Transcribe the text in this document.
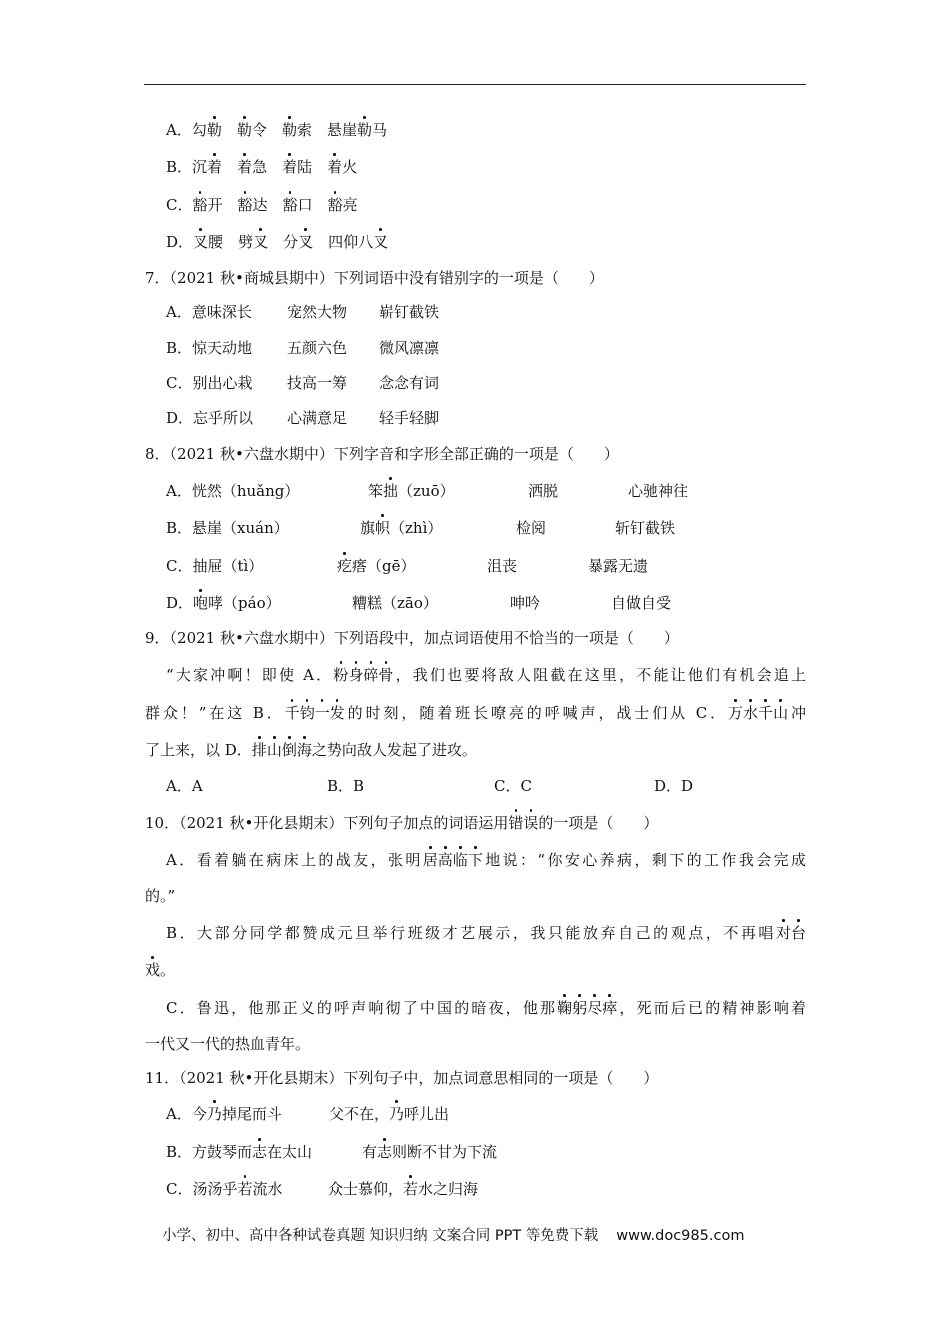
A．勾勒　 勒令　 勒索　 悬崖勒马
B．沉着　 着急　 着陆　 着火
C．豁开　 豁达　 豁口　 豁亮
D．叉腰　 劈叉　 分叉　 四仰八叉
7．（2021 秋•商城县期中）下列词语中没有错别字的一项是（　　）
A．意味深长 宠然大物 崭钉截铁
B．惊天动地 五颜六色 微风凛凛
C．别出心栽 技高一筹 念念有词
D．忘乎所以 心满意足 轻手轻脚
8．（2021 秋•六盘水期中）下列字音和字形全部正确的一项是（　　）
A．恍然（huǎng）	笨拙（zuō）	洒脱	心驰神往
B．悬崖（xuán）	旗帜（zhì）	检阅	斩钉截铁
C．抽屉（tì）	疙瘩（gē）	沮丧	暴露无遗
D．咆哮（páo）	糟糕（zāo）	呻吟	自做自受
9．（2021 秋•六盘水期中）下列语段中，加点词语使用不恰当的一项是（　　）
“大家冲啊！即使 A．粉身碎骨，我们也要将敌人阻截在这里，不能让他们有机会追上
群众！”在这 B．千钧一发的时刻，随着班长嘹亮的呼喊声，战士们从 C．万水千山冲
了上来，以 D．排山倒海之势向敌人发起了进攻。
A．A	B．B	C．C	D．D
10．（2021 秋•开化县期末）下列句子加点的词语运用错误的一项是（　　）
A．看着躺在病床上的战友，张明居高临下地说：“你安心养病，剩下的工作我会完成
的。”
B．大部分同学都赞成元旦举行班级才艺展示，我只能放弃自己的观点，不再唱对台
戏。
C．鲁迅，他那正义的呼声响彻了中国的暗夜，他那鞠躬尽瘁，死而后已的精神影响着
一代又一代的热血青年。
11．（2021 秋•开化县期末）下列句子中，加点词意思相同的一项是（　　）
A．今乃掉尾而斗	父不在，乃呼儿出
B．方鼓琴而志在太山	有志则断不甘为下流
C．汤汤乎若流水	众士慕仰，若水之归海
小学、初中、高中各种试卷真题 知识归纳 文案合同 PPT 等免费下载 www.doc985.com
